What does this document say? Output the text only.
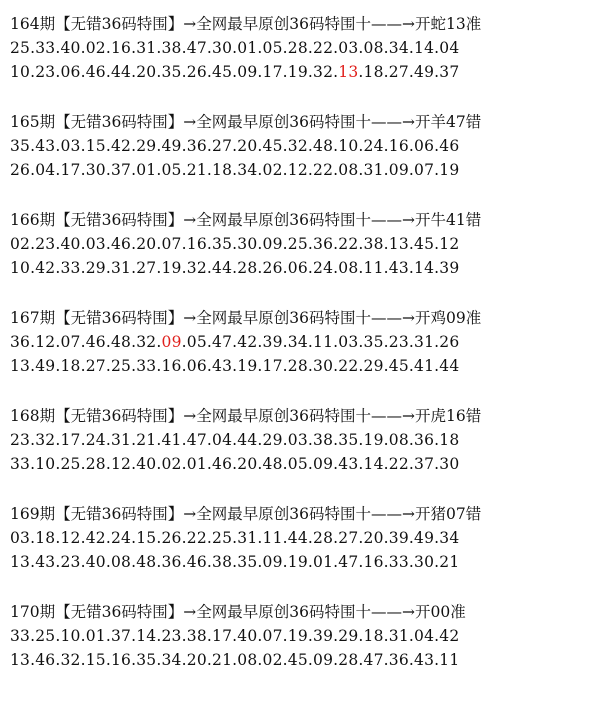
164期【无错36码特围】→全网最早原创36码特围十——→开蛇13准
25.33.40.02.16.31.38.47.30.01.05.28.22.03.08.34.14.04
10.23.06.46.44.20.35.26.45.09.17.19.32.13.18.27.49.37
165期【无错36码特围】→全网最早原创36码特围十——→开羊47错
35.43.03.15.42.29.49.36.27.20.45.32.48.10.24.16.06.46
26.04.17.30.37.01.05.21.18.34.02.12.22.08.31.09.07.19
166期【无错36码特围】→全网最早原创36码特围十——→开牛41错
02.23.40.03.46.20.07.16.35.30.09.25.36.22.38.13.45.12
10.42.33.29.31.27.19.32.44.28.26.06.24.08.11.43.14.39
167期【无错36码特围】→全网最早原创36码特围十——→开鸡09准
36.12.07.46.48.32.09.05.47.42.39.34.11.03.35.23.31.26
13.49.18.27.25.33.16.06.43.19.17.28.30.22.29.45.41.44
168期【无错36码特围】→全网最早原创36码特围十——→开虎16错
23.32.17.24.31.21.41.47.04.44.29.03.38.35.19.08.36.18
33.10.25.28.12.40.02.01.46.20.48.05.09.43.14.22.37.30
169期【无错36码特围】→全网最早原创36码特围十——→开猪07错
03.18.12.42.24.15.26.22.25.31.11.44.28.27.20.39.49.34
13.43.23.40.08.48.36.46.38.35.09.19.01.47.16.33.30.21
170期【无错36码特围】→全网最早原创36码特围十——→开00准
33.25.10.01.37.14.23.38.17.40.07.19.39.29.18.31.04.42
13.46.32.15.16.35.34.20.21.08.02.45.09.28.47.36.43.11
